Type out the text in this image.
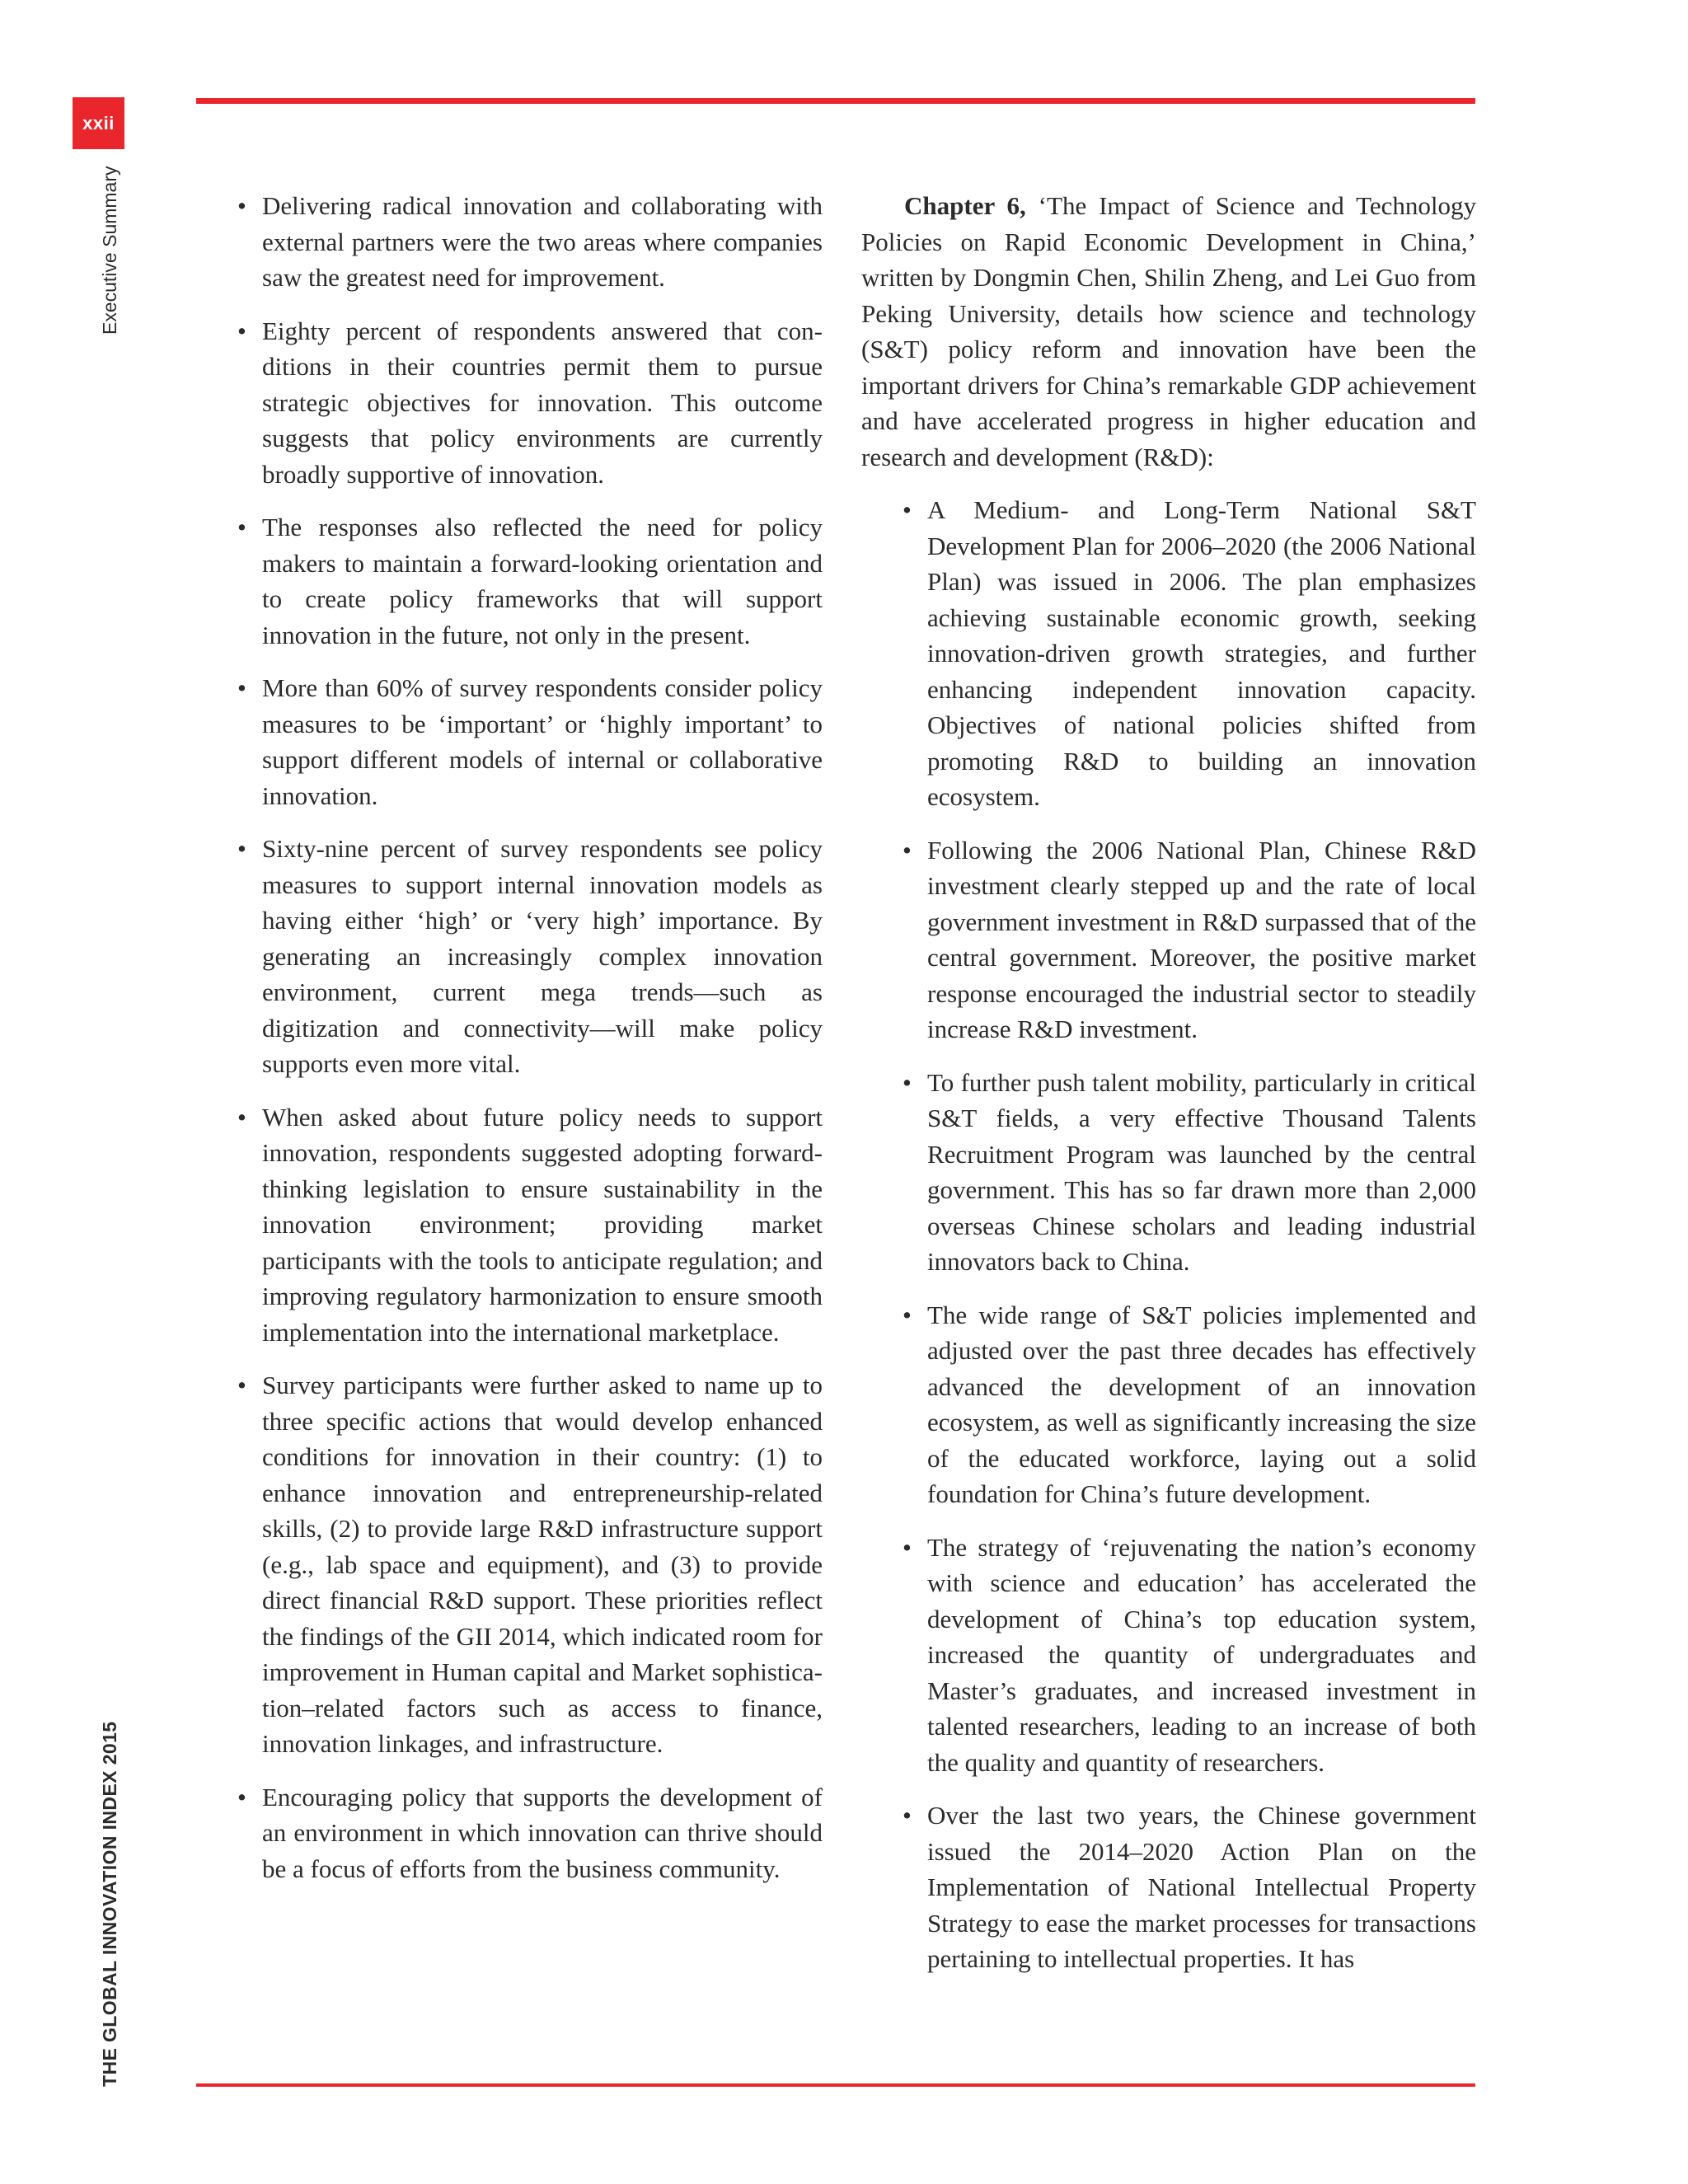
xxii
Executive Summary
THE GLOBAL INNOVATION INDEX 2015
• Delivering radical innovation and collaborating with external partners were the two areas where companies saw the greatest need for improvement.
• Eighty percent of respondents answered that conditions in their countries permit them to pursue strategic objectives for innovation. This outcome suggests that policy environments are currently broadly supportive of innovation.
• The responses also reflected the need for policy makers to maintain a forward-looking orientation and to create policy frameworks that will support innovation in the future, not only in the present.
• More than 60% of survey respondents consider policy measures to be ‘important’ or ‘highly important’ to support different models of internal or collaborative innovation.
• Sixty-nine percent of survey respondents see policy measures to support internal innovation models as having either ‘high’ or ‘very high’ importance. By generating an increasingly complex innovation environment, current mega trends—such as digitization and connectivity—will make policy supports even more vital.
• When asked about future policy needs to support innovation, respondents suggested adopting forward-thinking legislation to ensure sustainability in the innovation environment; providing market participants with the tools to anticipate regulation; and improving regulatory harmonization to ensure smooth implementation into the international marketplace.
• Survey participants were further asked to name up to three specific actions that would develop enhanced conditions for innovation in their country: (1) to enhance innovation and entrepreneurship-related skills, (2) to provide large R&D infrastructure support (e.g., lab space and equipment), and (3) to provide direct financial R&D support. These priorities reflect the findings of the GII 2014, which indicated room for improvement in Human capital and Market sophistication–related factors such as access to finance, innovation linkages, and infrastructure.
• Encouraging policy that supports the development of an environment in which innovation can thrive should be a focus of efforts from the business community.

Chapter 6, ‘The Impact of Science and Technology Policies on Rapid Economic Development in China,’ written by Dongmin Chen, Shilin Zheng, and Lei Guo from Peking University, details how science and technology (S&T) policy reform and innovation have been the important drivers for China’s remarkable GDP achievement and have accelerated progress in higher education and research and development (R&D):

• A Medium- and Long-Term National S&T Development Plan for 2006–2020 (the 2006 National Plan) was issued in 2006. The plan emphasizes achieving sustainable economic growth, seeking innovation-driven growth strategies, and further enhancing independent innovation capacity. Objectives of national policies shifted from promoting R&D to building an innovation ecosystem.
• Following the 2006 National Plan, Chinese R&D investment clearly stepped up and the rate of local government investment in R&D surpassed that of the central government. Moreover, the positive market response encouraged the industrial sector to steadily increase R&D investment.
• To further push talent mobility, particularly in critical S&T fields, a very effective Thousand Talents Recruitment Program was launched by the central government. This has so far drawn more than 2,000 overseas Chinese scholars and leading industrial innovators back to China.
• The wide range of S&T policies implemented and adjusted over the past three decades has effectively advanced the development of an innovation ecosystem, as well as significantly increasing the size of the educated workforce, laying out a solid foundation for China’s future development.
• The strategy of ‘rejuvenating the nation’s economy with science and education’ has accelerated the development of China’s top education system, increased the quantity of undergraduates and Master’s graduates, and increased investment in talented researchers, leading to an increase of both the quality and quantity of researchers.
• Over the last two years, the Chinese government issued the 2014–2020 Action Plan on the Implementation of National Intellectual Property Strategy to ease the market processes for transactions pertaining to intellectual properties. It has
